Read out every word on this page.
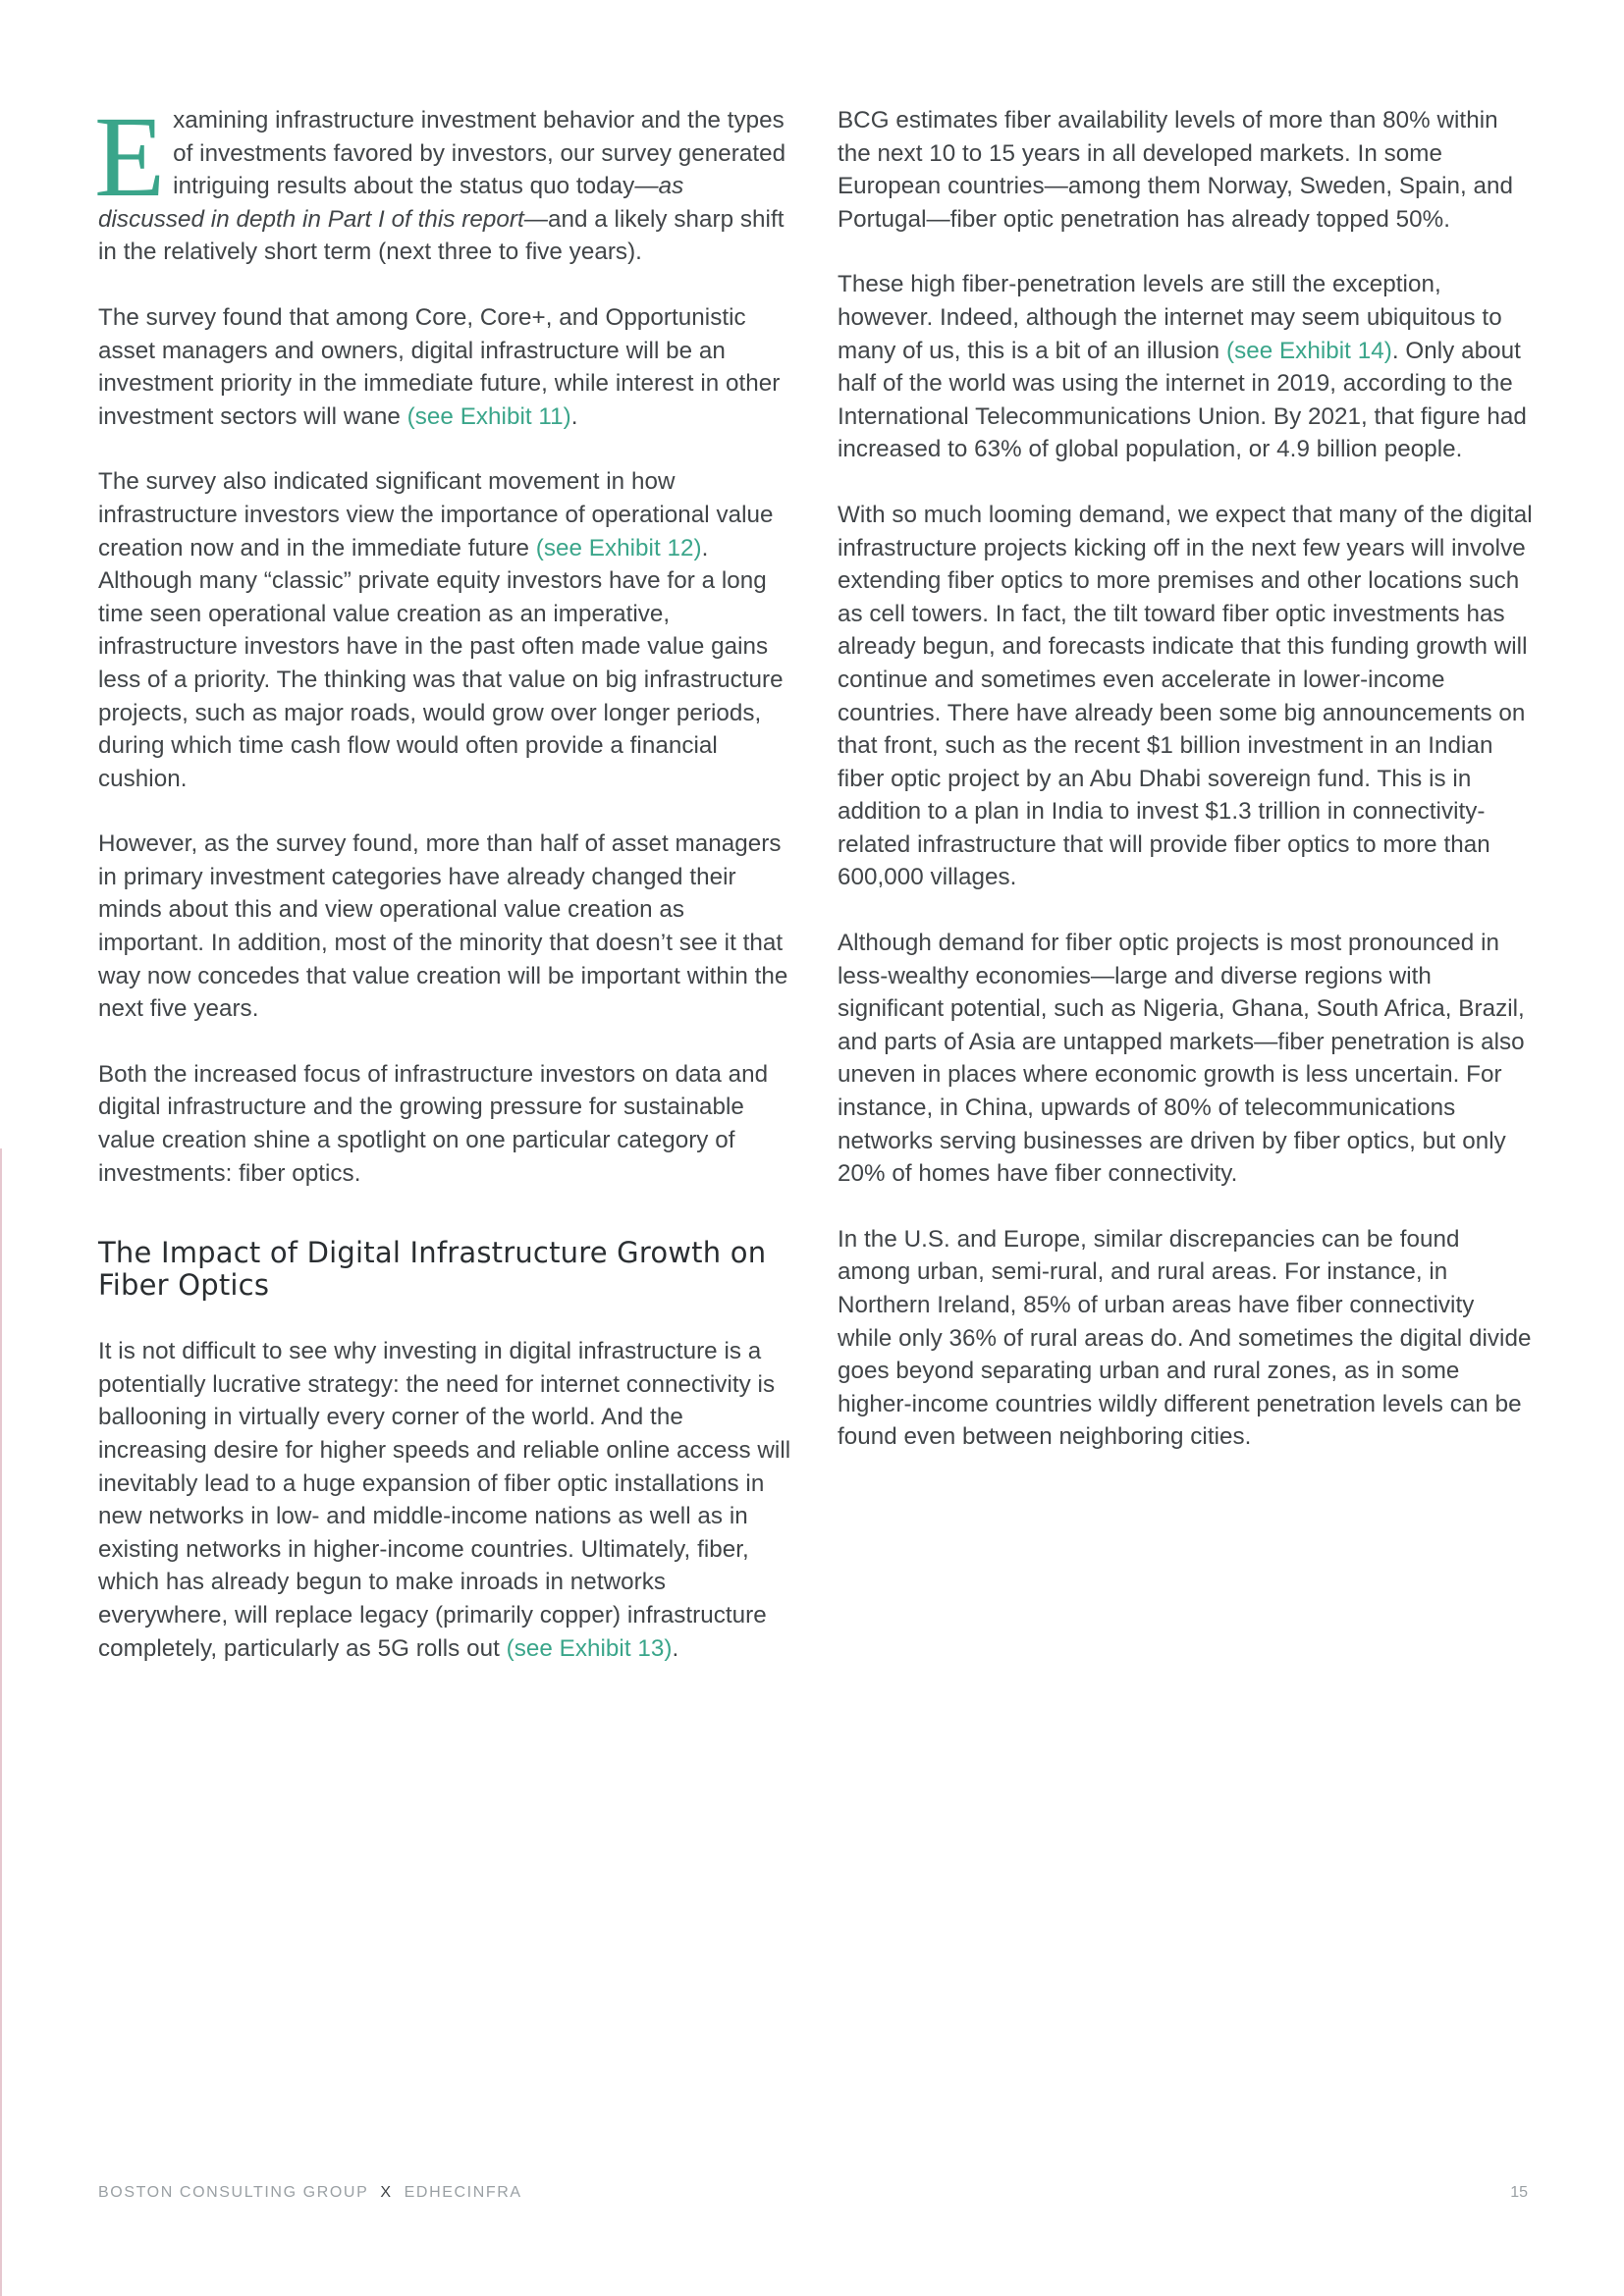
Examining infrastructure investment behavior and the types of investments favored by investors, our survey generated intriguing results about the status quo today—as discussed in depth in Part I of this report—and a likely sharp shift in the relatively short term (next three to five years).

The survey found that among Core, Core+, and Opportunistic asset managers and owners, digital infrastructure will be an investment priority in the immediate future, while interest in other investment sectors will wane (see Exhibit 11).

The survey also indicated significant movement in how infrastructure investors view the importance of operational value creation now and in the immediate future (see Exhibit 12). Although many “classic” private equity investors have for a long time seen operational value creation as an imperative, infrastructure investors have in the past often made value gains less of a priority. The thinking was that value on big infrastructure projects, such as major roads, would grow over longer periods, during which time cash flow would often provide a financial cushion.

However, as the survey found, more than half of asset managers in primary investment categories have already changed their minds about this and view operational value creation as important. In addition, most of the minority that doesn’t see it that way now concedes that value creation will be important within the next five years.

Both the increased focus of infrastructure investors on data and digital infrastructure and the growing pressure for sustainable value creation shine a spotlight on one particular category of investments: fiber optics.

The Impact of Digital Infrastructure Growth on Fiber Optics

It is not difficult to see why investing in digital infrastructure is a potentially lucrative strategy: the need for internet connectivity is ballooning in virtually every corner of the world. And the increasing desire for higher speeds and reliable online access will inevitably lead to a huge expansion of fiber optic installations in new networks in low- and middle-income nations as well as in existing networks in higher-income countries. Ultimately, fiber, which has already begun to make inroads in networks everywhere, will replace legacy (primarily copper) infrastructure completely, particularly as 5G rolls out (see Exhibit 13).

BCG estimates fiber availability levels of more than 80% within the next 10 to 15 years in all developed markets. In some European countries—among them Norway, Sweden, Spain, and Portugal—fiber optic penetration has already topped 50%.

These high fiber-penetration levels are still the exception, however. Indeed, although the internet may seem ubiquitous to many of us, this is a bit of an illusion (see Exhibit 14). Only about half of the world was using the internet in 2019, according to the International Telecommunications Union. By 2021, that figure had increased to 63% of global population, or 4.9 billion people.

With so much looming demand, we expect that many of the digital infrastructure projects kicking off in the next few years will involve extending fiber optics to more premises and other locations such as cell towers. In fact, the tilt toward fiber optic investments has already begun, and forecasts indicate that this funding growth will continue and sometimes even accelerate in lower-income countries. There have already been some big announcements on that front, such as the recent $1 billion investment in an Indian fiber optic project by an Abu Dhabi sovereign fund. This is in addition to a plan in India to invest $1.3 trillion in connectivity-related infrastructure that will provide fiber optics to more than 600,000 villages.

Although demand for fiber optic projects is most pronounced in less-wealthy economies—large and diverse regions with significant potential, such as Nigeria, Ghana, South Africa, Brazil, and parts of Asia are untapped markets—fiber penetration is also uneven in places where economic growth is less uncertain. For instance, in China, upwards of 80% of telecommunications networks serving businesses are driven by fiber optics, but only 20% of homes have fiber connectivity.

In the U.S. and Europe, similar discrepancies can be found among urban, semi-rural, and rural areas. For instance, in Northern Ireland, 85% of urban areas have fiber connectivity while only 36% of rural areas do. And sometimes the digital divide goes beyond separating urban and rural zones, as in some higher-income countries wildly different penetration levels can be found even between neighboring cities.

BOSTON CONSULTING GROUP X EDHECINFRA	15
